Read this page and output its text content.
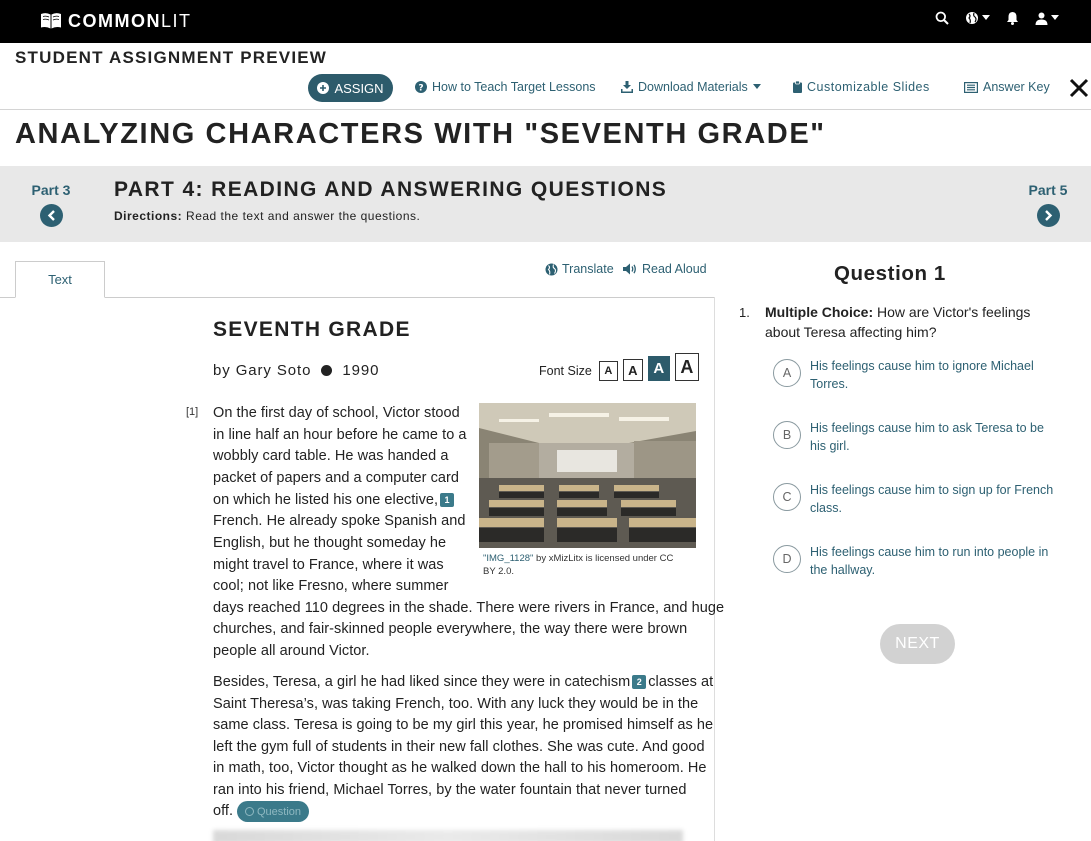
COMMONLIT
STUDENT ASSIGNMENT PREVIEW
ASSIGN	? How to Teach Target Lessons	Download Materials	Customizable Slides	Answer Key
ANALYZING CHARACTERS WITH "SEVENTH GRADE"
Part 3 PART 4: READING AND ANSWERING QUESTIONS
Directions: Read the text and answer the questions.
Part 5
Text
Translate Read Aloud
SEVENTH GRADE
by Gary Soto 1990	Font Size	A	A	A A
[1]
"IMG_1128" by xMizLitx is licensed under CC BY 2.0.
On the first day of school, Victor stood
in line half an hour before he came to a
wobbly card table. He was handed a
packet of papers and a computer card
on which he listed his one elective, 1
French. He already spoke Spanish and
English, but he thought someday he
might travel to France, where it was
cool; not like Fresno, where summer
days reached 110 degrees in the shade. There were rivers in France, and huge
churches, and fair-skinned people everywhere, the way there were brown
people all around Victor.
Besides, Teresa, a girl he had liked since they were in catechism 2 classes at
Saint Theresa’s, was taking French, too. With any luck they would be in the
same class. Teresa is going to be my girl this year, he promised himself as he
left the gym full of students in their new fall clothes. She was cute. And good
in math, too, Victor thought as he walked down the hall to his homeroom. He
ran into his friend, Michael Torres, by the water fountain that never turned
off. Question
Question 1
1. Multiple Choice: How are Victor's feelings about Teresa affecting him?
A	His feelings cause him to ignore Michael Torres.
B	His feelings cause him to ask Teresa to be his girl.
C	His feelings cause him to sign up for French class.
D	His feelings cause him to run into people in the hallway.
NEXT
